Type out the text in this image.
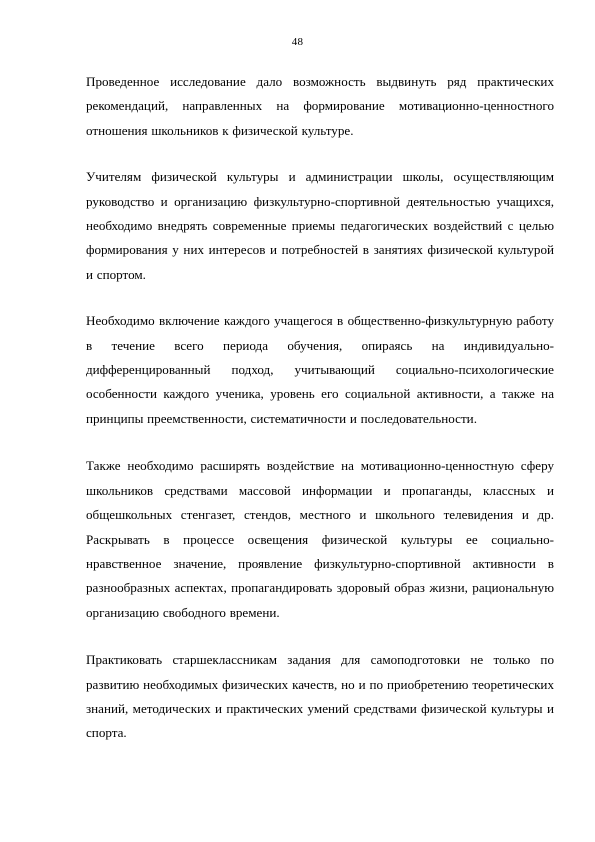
48

Проведенное исследование дало возможность выдвинуть ряд практических рекомендаций, направленных на формирование мотивационно-ценностного отношения школьников к физической культуре.

Учителям физической культуры и администрации школы, осуществляющим руководство и организацию физкультурно-спортивной деятельностью учащихся, необходимо внедрять современные приемы педагогических воздействий с целью формирования у них интересов и потребностей в занятиях физической культурой и спортом.

Необходимо включение каждого учащегося в общественно-физкультурную работу в течение всего периода обучения, опираясь на индивидуально-дифференцированный подход, учитывающий социально-психологические особенности каждого ученика, уровень его социальной активности, а также на принципы преемственности, систематичности и последовательности.

Также необходимо расширять воздействие на мотивационно-ценностную сферу школьников средствами массовой информации и пропаганды, классных и общешкольных стенгазет, стендов, местного и школьного телевидения и др. Раскрывать в процессе освещения физической культуры ее социально-нравственное значение, проявление физкультурно-спортивной активности в разнообразных аспектах, пропагандировать здоровый образ жизни, рациональную организацию свободного времени.

Практиковать старшеклассникам задания для самоподготовки не только по развитию необходимых физических качеств, но и по приобретению теоретических знаний, методических и практических умений средствами физической культуры и спорта.
